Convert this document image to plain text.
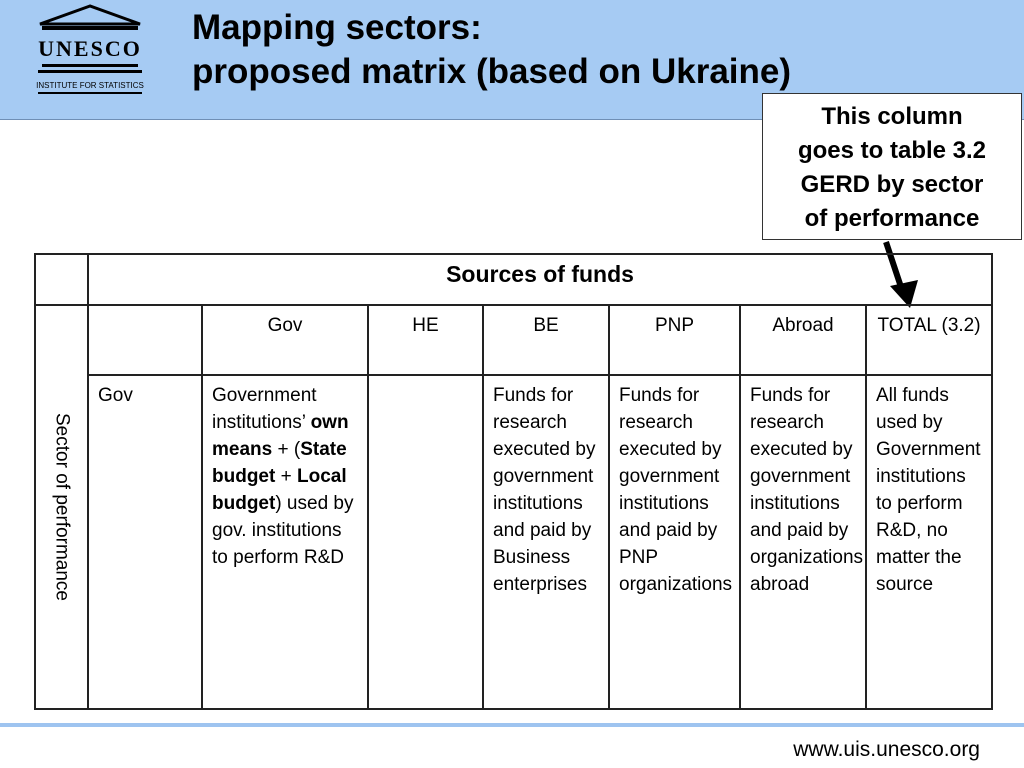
UNESCO
INSTITUTE FOR STATISTICS
Mapping sectors:
proposed matrix (based on Ukraine)
This column
goes to table 3.2
GERD by sector
of performance
	Sources of funds						

Sector of performance		Gov	HE	BE	PNP	Abroad	TOTAL (3.2)
	Gov	Government institutions’ own means + (State budget + Local budget) used by gov. institutions to perform R&D		Funds for research executed by government institutions and paid by Business enterprises	Funds for research executed by government institutions and paid by PNP organizations	Funds for research executed by government institutions and paid by organizations abroad	All funds used by Government institutions to perform R&D, no matter the source
www.uis.unesco.org
